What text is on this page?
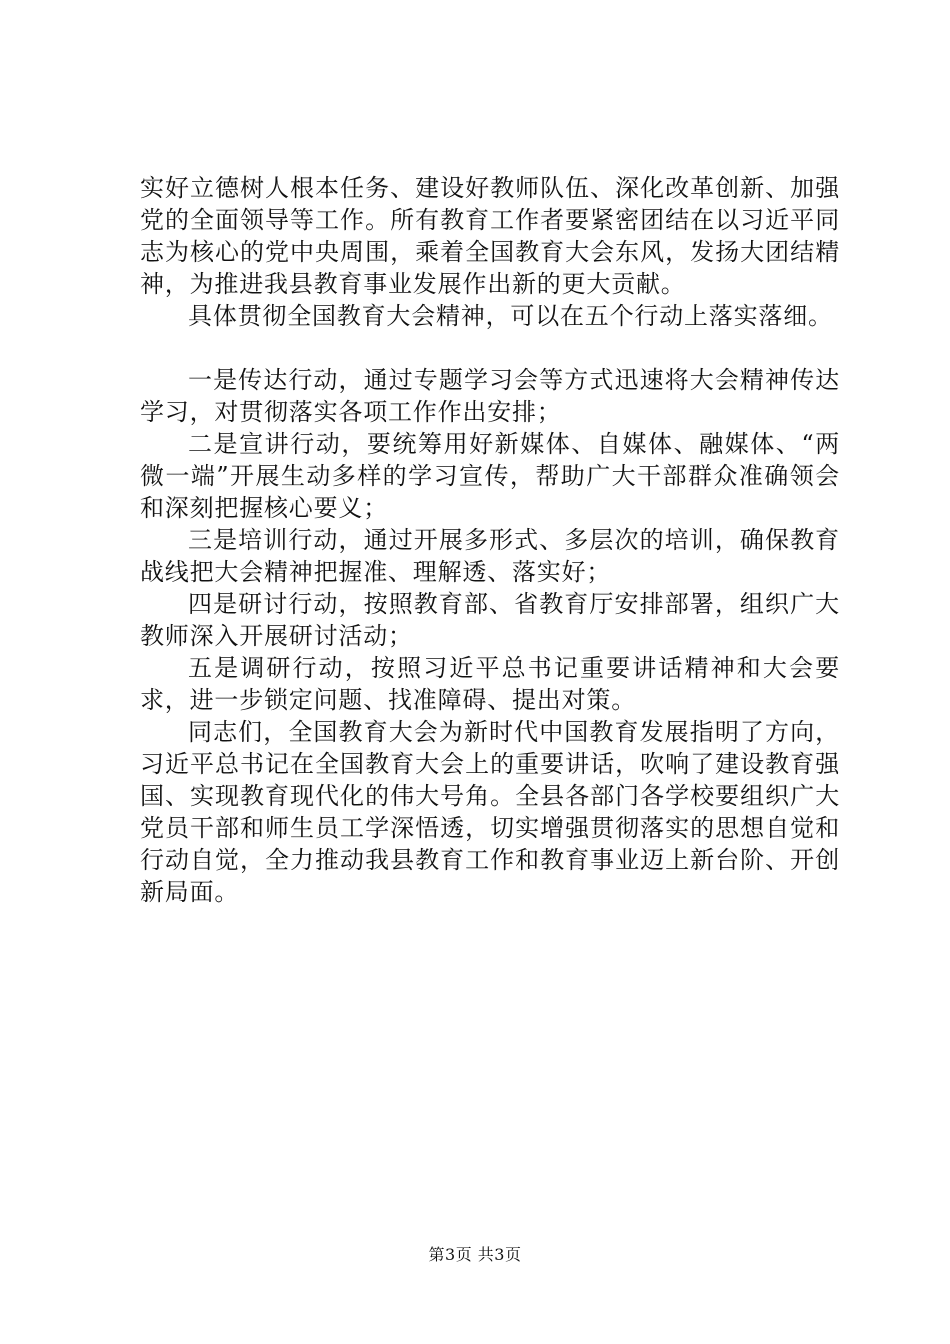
实好立德树人根本任务、建设好教师队伍、深化改革创新、加强党的全面领导等工作。所有教育工作者要紧密团结在以习近平同志为核心的党中央周围，乘着全国教育大会东风，发扬大团结精神，为推进我县教育事业发展作出新的更大贡献。

具体贯彻全国教育大会精神，可以在五个行动上落实落细。

一是传达行动，通过专题学习会等方式迅速将大会精神传达学习，对贯彻落实各项工作作出安排；

二是宣讲行动，要统筹用好新媒体、自媒体、融媒体、“两微一端”开展生动多样的学习宣传，帮助广大干部群众准确领会和深刻把握核心要义；

三是培训行动，通过开展多形式、多层次的培训，确保教育战线把大会精神把握准、理解透、落实好；

四是研讨行动，按照教育部、省教育厅安排部署，组织广大教师深入开展研讨活动；

五是调研行动，按照习近平总书记重要讲话精神和大会要求，进一步锁定问题、找准障碍、提出对策。

同志们，全国教育大会为新时代中国教育发展指明了方向，习近平总书记在全国教育大会上的重要讲话，吹响了建设教育强国、实现教育现代化的伟大号角。全县各部门各学校要组织广大党员干部和师生员工学深悟透，切实增强贯彻落实的思想自觉和行动自觉，全力推动我县教育工作和教育事业迈上新台阶、开创新局面。

第3页 共3页
